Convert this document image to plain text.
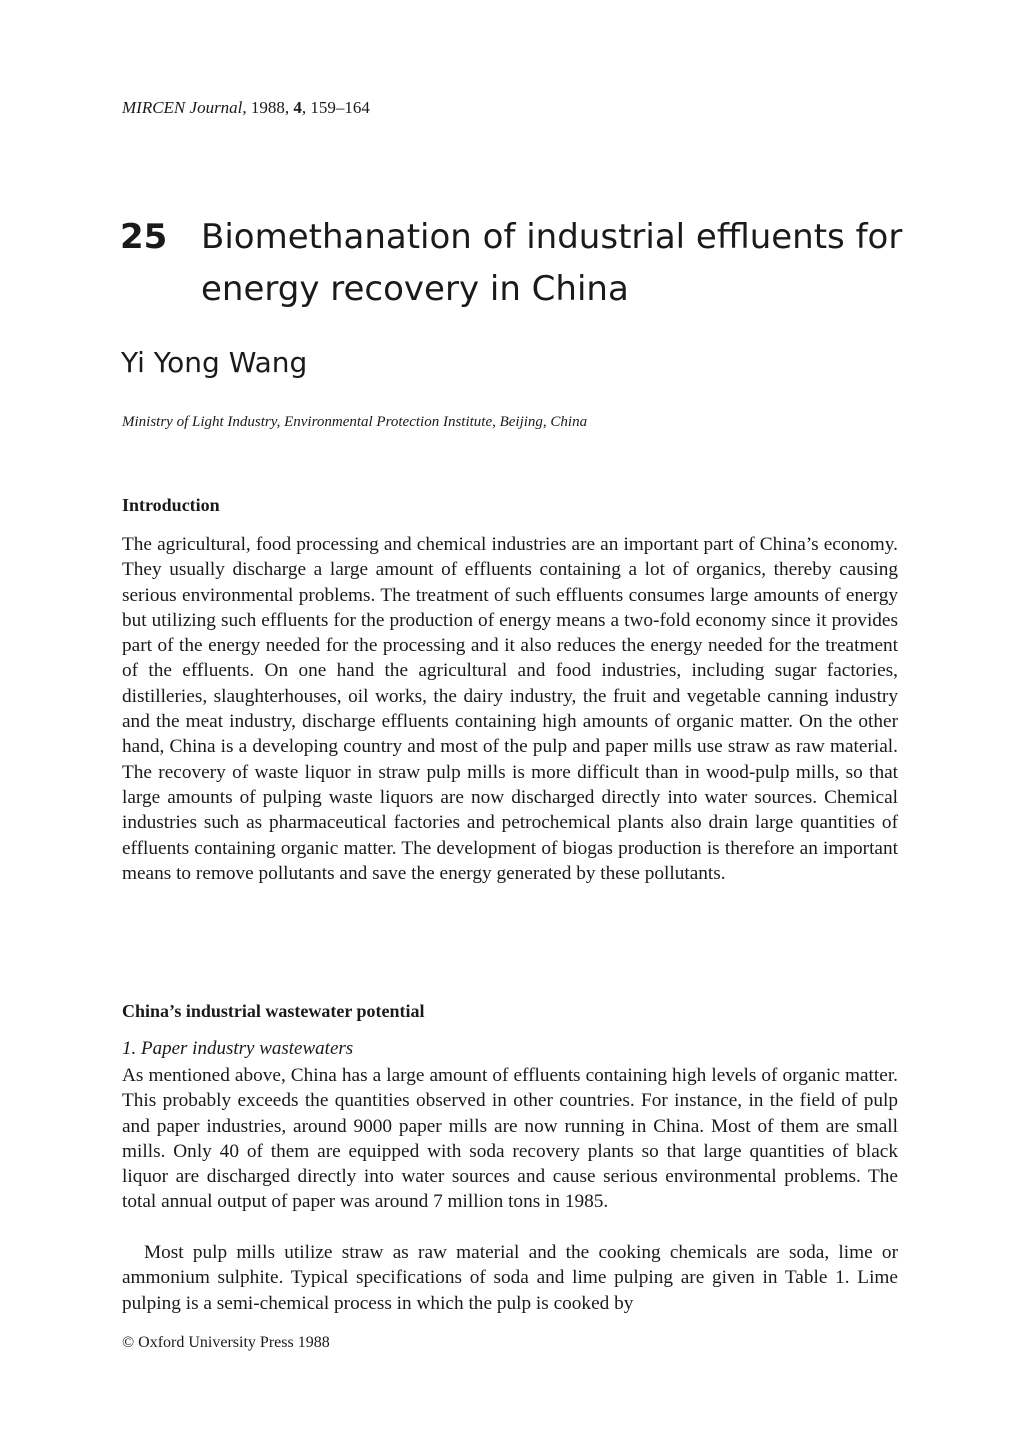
MIRCEN Journal, 1988, 4, 159–164
25 Biomethanation of industrial effluents for energy recovery in China
Yi Yong Wang
Ministry of Light Industry, Environmental Protection Institute, Beijing, China
Introduction

The agricultural, food processing and chemical industries are an important part of China’s economy. They usually discharge a large amount of effluents containing a lot of organics, thereby causing serious environmental problems. The treatment of such effluents consumes large amounts of energy but utilizing such effluents for the production of energy means a two-fold economy since it provides part of the energy needed for the processing and it also reduces the energy needed for the treatment of the effluents. On one hand the agricultural and food industries, including sugar factories, distilleries, slaughterhouses, oil works, the dairy industry, the fruit and vegetable canning industry and the meat industry, discharge effluents containing high amounts of organic matter. On the other hand, China is a developing country and most of the pulp and paper mills use straw as raw material. The recovery of waste liquor in straw pulp mills is more difficult than in wood-pulp mills, so that large amounts of pulping waste liquors are now discharged directly into water sources. Chemical industries such as pharmaceutical factories and petrochemical plants also drain large quantities of effluents containing organic matter. The development of biogas production is therefore an important means to remove pollutants and save the energy generated by these pollutants.

China’s industrial wastewater potential

1. Paper industry wastewaters

As mentioned above, China has a large amount of effluents containing high levels of organic matter. This probably exceeds the quantities observed in other countries. For instance, in the field of pulp and paper industries, around 9000 paper mills are now running in China. Most of them are small mills. Only 40 of them are equipped with soda recovery plants so that large quantities of black liquor are discharged directly into water sources and cause serious environmental problems. The total annual output of paper was around 7 million tons in 1985.

Most pulp mills utilize straw as raw material and the cooking chemicals are soda, lime or ammonium sulphite. Typical specifications of soda and lime pulping are given in Table 1. Lime pulping is a semi-chemical process in which the pulp is cooked by

© Oxford University Press 1988
